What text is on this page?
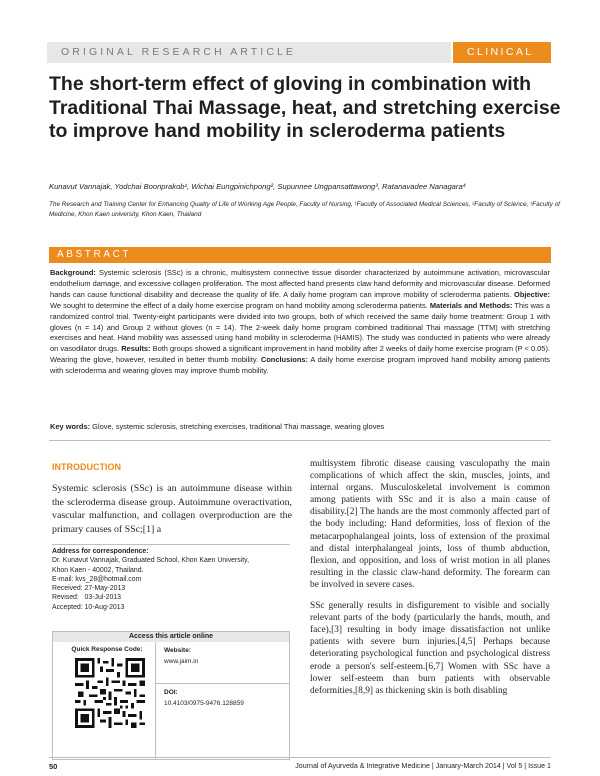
ORIGINAL RESEARCH ARTICLE	CLINICAL
The short-term effect of gloving in combination with Traditional Thai Massage, heat, and stretching exercise to improve hand mobility in scleroderma patients
Kunavut Vannajak, Yodchai Boonprakob¹, Wichai Eungpinichpong², Supunnee Ungpansattawong³, Ratanavadee Nanagara⁴
The Research and Training Center for Enhancing Quality of Life of Working Age People, Faculty of Nursing, ¹Faculty of Associated Medical Sciences, ²Faculty of Science, ³Faculty of Medicine, Khon Kaen university, Khon Kaen, Thailand
ABSTRACT
Background: Systemic sclerosis (SSc) is a chronic, multisystem connective tissue disorder characterized by autoimmune activation, microvascular endothelium damage, and excessive collagen proliferation. The most affected hand presents claw hand deformity and microvascular disease. Deformed hands can cause functional disability and decrease the quality of life. A daily home program can improve mobility of scleroderma patients. Objective: We sought to determine the effect of a daily home exercise program on hand mobility among scleroderma patients. Materials and Methods: This was a randomized control trial. Twenty-eight participants were divided into two groups, both of which received the same daily home treatment: Group 1 with gloves (n = 14) and Group 2 without gloves (n = 14). The 2-week daily home program combined traditional Thai massage (TTM) with stretching exercises and heat. Hand mobility was assessed using hand mobility in scleroderma (HAMIS). The study was conducted in patients who were already on vasodilator drugs. Results: Both groups showed a significant improvement in hand mobility after 2 weeks of daily home exercise program (P < 0.05). Wearing the glove, however, resulted in better thumb mobility. Conclusions: A daily home exercise program improved hand mobility among patients with scleroderma and wearing gloves may improve thumb mobility.
Key words: Glove, systemic sclerosis, stretching exercises, traditional Thai massage, wearing gloves
INTRODUCTION
Systemic sclerosis (SSc) is an autoimmune disease within the scleroderma disease group. Autoimmune overactivation, vascular malfunction, and collagen overproduction are the primary causes of SSc;[1] a
Address for correspondence:
Dr. Kunavut Vannajak, Graduated School, Khon Kaen University,
Khon Kaen - 40002, Thailand.
E-mail: kvs_28@hotmail.com
Received: 27-May-2013
Revised:   03-Jul-2013
Accepted: 10-Aug-2013
Access this article online
Quick Response Code:	Website:
www.jaim.in
DOI:
10.4103/0975-9476.128859

multisystem fibrotic disease causing vasculopathy the main complications of which affect the skin, muscles, joints, and internal organs. Musculoskeletal involvement is common among patients with SSc and it is also a main cause of disability.[2] The hands are the most commonly affected part of the body including: Hand deformities, loss of flexion of the metacarpophalangeal joints, loss of extension of the proximal and distal interphalangeal joints, loss of thumb abduction, flexion, and opposition, and loss of wrist motion in all planes resulting in the classic claw-hand deformity. The forearm can be involved in severe cases.

SSc generally results in disfigurement to visible and socially relevant parts of the body (particularly the hands, mouth, and face),[3] resulting in body image dissatisfaction not unlike patients with severe burn injuries.[4,5] Perhaps because deteriorating psychological function and psychological distress erode a person's self-esteem.[6,7] Women with SSc have a lower self-esteem than burn patients with observable deformities,[8,9] as thickening skin is both disabling

50	Journal of Ayurveda & Integrative Medicine | January-March 2014 | Vol 5 | Issue 1
